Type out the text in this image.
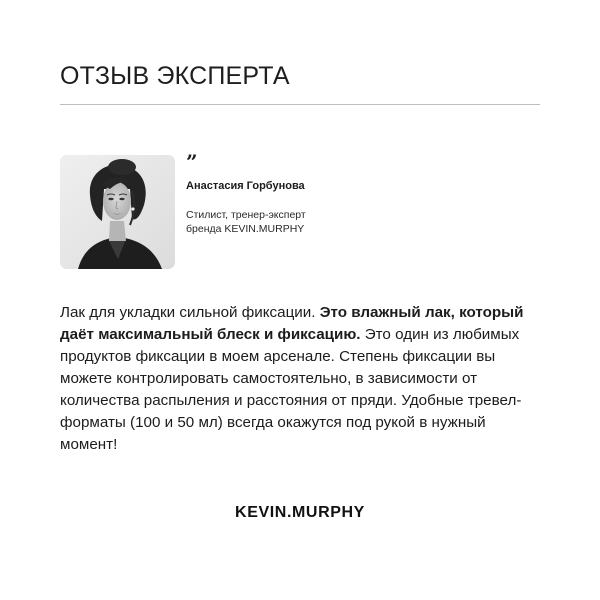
ОТЗЫВ ЭКСПЕРТА
”
Анастасия Горбунова
Стилист, тренер-эксперт
бренда KEVIN.MURPHY
Лак для укладки сильной фиксации. Это влажный лак, который даёт максимальный блеск и фиксацию. Это один из любимых продуктов фиксации в моем арсенале. Степень фиксации вы можете контролировать самостоятельно, в зависимости от количества распыления и расстояния от пряди. Удобные тревел-форматы (100 и 50 мл) всегда окажутся под рукой в нужный момент!
KEVIN.MURPHY
